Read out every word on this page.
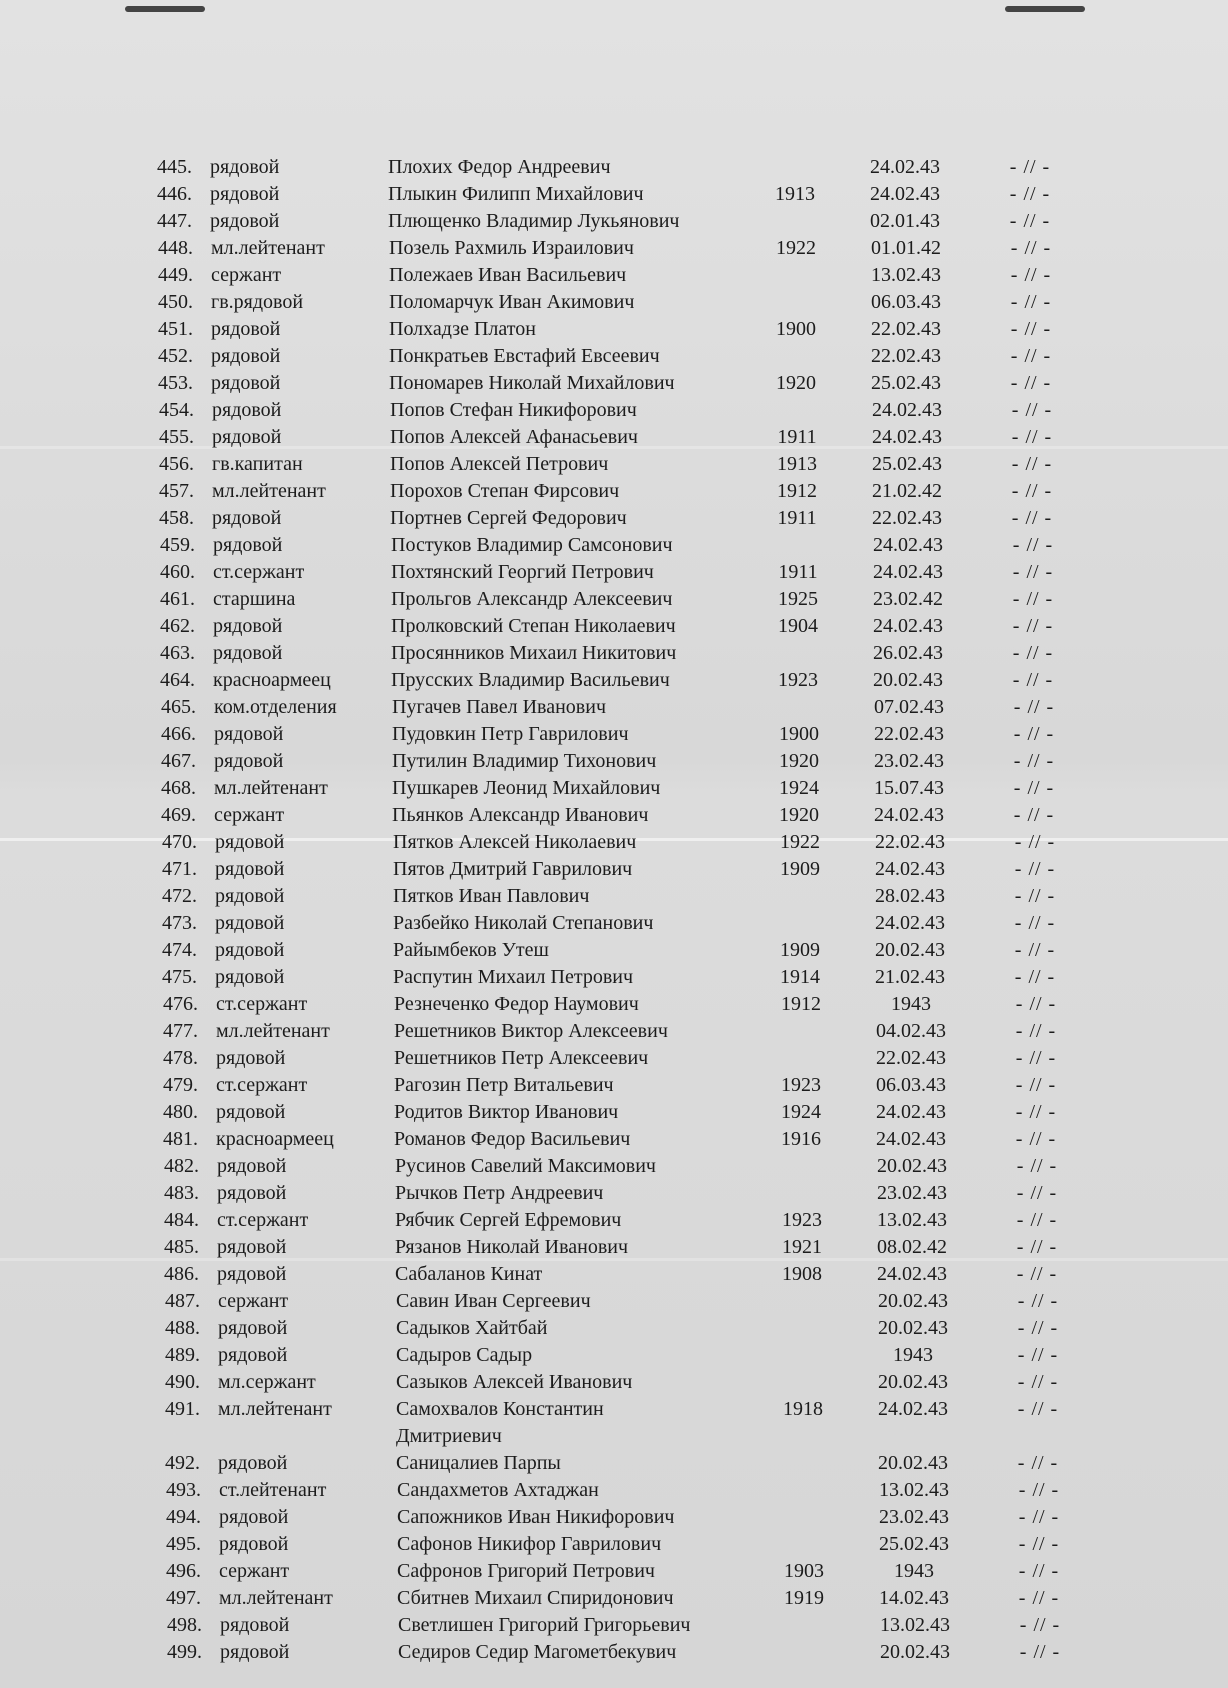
445. рядовой	Плохих Федор Андреевич	24.02.43	- // -
446. рядовой	Плыкин Филипп Михайлович	1913	24.02.43	- // -
447. рядовой	Плющенко Владимир Лукьянович	02.01.43	- // -
448. мл.лейтенант	Позель Рахмиль Израилович	1922	01.01.42	- // -
449. сержант	Полежаев Иван Васильевич	13.02.43	- // -
450. гв.рядовой	Поломарчук Иван Акимович	06.03.43	- // -
451. рядовой	Полхадзе Платон	1900	22.02.43	- // -
452. рядовой	Понкратьев Евстафий Евсеевич	22.02.43	- // -
453. рядовой	Пономарев Николай Михайлович	1920	25.02.43	- // -
454. рядовой	Попов Стефан Никифорович	24.02.43	- // -
455. рядовой	Попов Алексей Афанасьевич	1911	24.02.43	- // -
456. гв.капитан	Попов Алексей Петрович	1913	25.02.43	- // -
457. мл.лейтенант	Порохов Степан Фирсович	1912	21.02.42	- // -
458. рядовой	Портнев Сергей Федорович	1911	22.02.43	- // -
459. рядовой	Постуков Владимир Самсонович	24.02.43	- // -
460. ст.сержант	Похтянский Георгий Петрович	1911	24.02.43	- // -
461. старшина	Прольгов Александр Алексеевич	1925	23.02.42	- // -
462. рядовой	Пролковский Степан Николаевич	1904	24.02.43	- // -
463. рядовой	Просянников Михаил Никитович	26.02.43	- // -
464. красноармеец	Прусских Владимир Васильевич	1923	20.02.43	- // -
465. ком.отделения	Пугачев Павел Иванович	07.02.43	- // -
466. рядовой	Пудовкин Петр Гаврилович	1900	22.02.43	- // -
467. рядовой	Путилин Владимир Тихонович	1920	23.02.43	- // -
468. мл.лейтенант	Пушкарев Леонид Михайлович	1924	15.07.43	- // -
469. сержант	Пьянков Александр Иванович	1920	24.02.43	- // -
470. рядовой	Пятков Алексей Николаевич	1922	22.02.43	- // -
471. рядовой	Пятов Дмитрий Гаврилович	1909	24.02.43	- // -
472. рядовой	Пятков Иван Павлович	28.02.43	- // -
473. рядовой	Разбейко Николай Степанович	24.02.43	- // -
474. рядовой	Райымбеков Утеш	1909	20.02.43	- // -
475. рядовой	Распутин Михаил Петрович	1914	21.02.43	- // -
476. ст.сержант	Резнеченко Федор Наумович	1912	1943	- // -
477. мл.лейтенант	Решетников Виктор Алексеевич	04.02.43	- // -
478. рядовой	Решетников Петр Алексеевич	22.02.43	- // -
479. ст.сержант	Рагозин Петр Витальевич	1923	06.03.43	- // -
480. рядовой	Родитов Виктор Иванович	1924	24.02.43	- // -
481. красноармеец	Романов Федор Васильевич	1916	24.02.43	- // -
482. рядовой	Русинов Савелий Максимович	20.02.43	- // -
483. рядовой	Рычков Петр Андреевич	23.02.43	- // -
484. ст.сержант	Рябчик Сергей Ефремович	1923	13.02.43	- // -
485. рядовой	Рязанов Николай Иванович	1921	08.02.42	- // -
486. рядовой	Сабаланов Кинат	1908	24.02.43	- // -
487. сержант	Савин Иван Сергеевич	20.02.43	- // -
488. рядовой	Садыков Хайтбай	20.02.43	- // -
489. рядовой	Садыров Садыр	1943	- // -
490. мл.сержант	Сазыков Алексей Иванович	20.02.43	- // -
491. мл.лейтенант	Самохвалов Константин	1918	24.02.43	- // -
Дмитриевич
492. рядовой	Саницалиев Парпы	20.02.43	- // -
493. ст.лейтенант	Сандахметов Ахтаджан	13.02.43	- // -
494. рядовой	Сапожников Иван Никифорович	23.02.43	- // -
495. рядовой	Сафонов Никифор Гаврилович	25.02.43	- // -
496. сержант	Сафронов Григорий Петрович	1903	1943	- // -
497. мл.лейтенант	Сбитнев Михаил Спиридонович	1919	14.02.43	- // -
498. рядовой	Светлишен Григорий Григорьевич	13.02.43	- // -
499. рядовой	Седиров Седир Магометбекувич	20.02.43	- // -
